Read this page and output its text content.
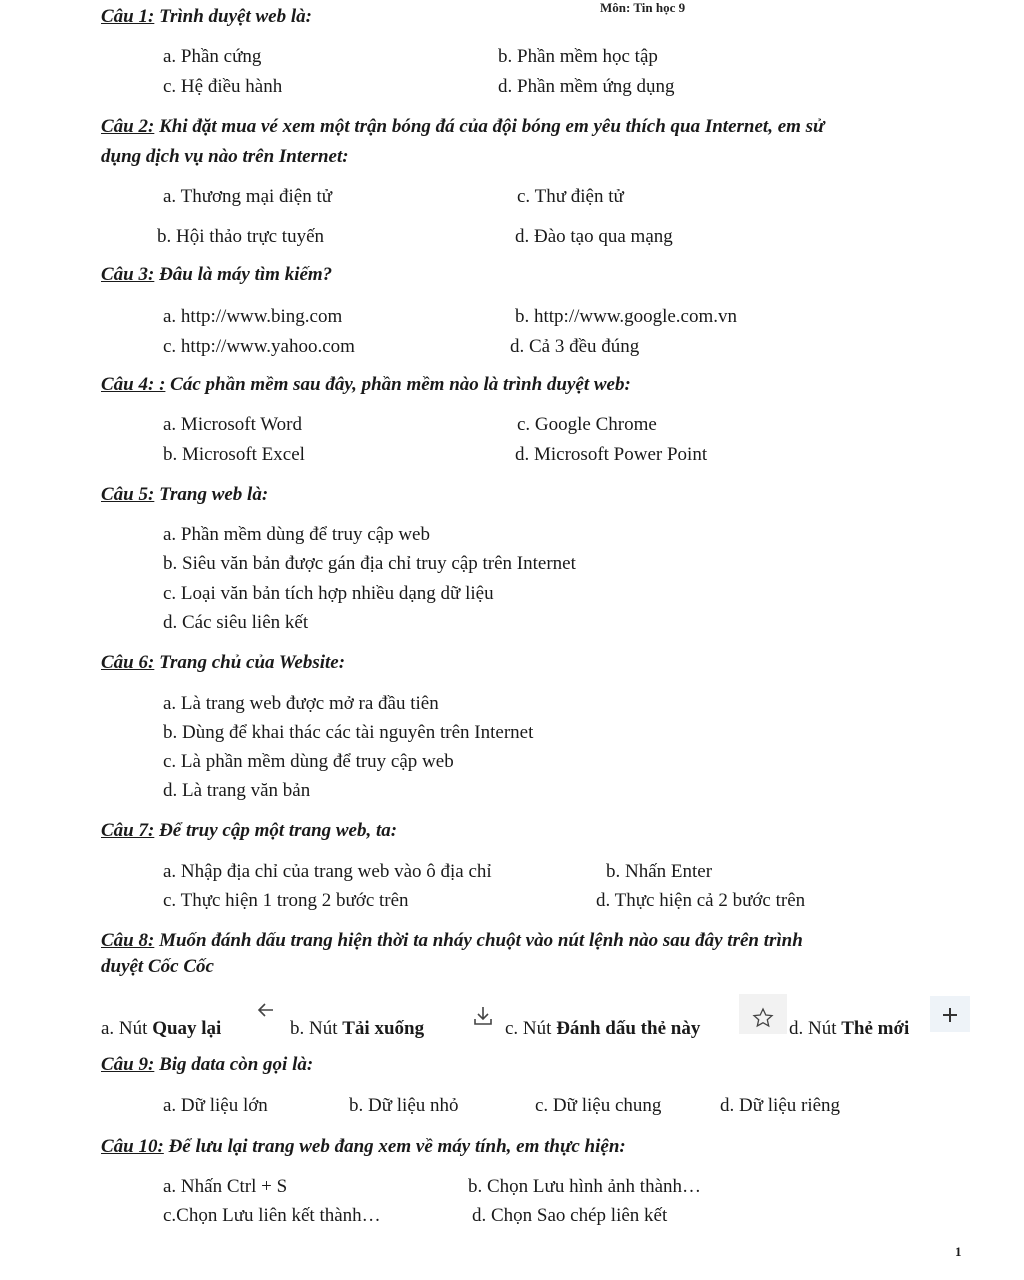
Môn: Tin học 9
Câu 1: Trình duyệt web là:
a. Phần cứng	b. Phần mềm học tập
c. Hệ điều hành	d. Phần mềm ứng dụng
Câu 2: Khi đặt mua vé xem một trận bóng đá của đội bóng em yêu thích qua Internet, em sử
dụng dịch vụ nào trên Internet:
a. Thương mại điện tử	c. Thư điện tử
b. Hội thảo trực tuyến	d. Đào tạo qua mạng
Câu 3: Đâu là máy tìm kiếm?
a. http://www.bing.com	b. http://www.google.com.vn
c. http://www.yahoo.com	d. Cả 3 đều đúng
Câu 4: : Các phần mềm sau đây, phần mềm nào là trình duyệt web:
a. Microsoft Word	c. Google Chrome
b. Microsoft Excel	d. Microsoft Power Point
Câu 5: Trang web là:
a. Phần mềm dùng để truy cập web
b. Siêu văn bản được gán địa chỉ truy cập trên Internet
c. Loại văn bản tích hợp nhiều dạng dữ liệu
d. Các siêu liên kết
Câu 6: Trang chủ của Website:
a. Là trang web được mở ra đầu tiên
b. Dùng để khai thác các tài nguyên trên Internet
c. Là phần mềm dùng để truy cập web
d. Là trang văn bản
Câu 7: Để truy cập một trang web, ta:
a. Nhập địa chỉ của trang web vào ô địa chỉ	b. Nhấn Enter
c. Thực hiện 1 trong 2 bước trên	d. Thực hiện cả 2 bước trên
Câu 8: Muốn đánh dấu trang hiện thời ta nháy chuột vào nút lệnh nào sau đây trên trình
duyệt Cốc Cốc
a. Nút Quay lại	b. Nút Tải xuống	c. Nút Đánh dấu thẻ này	d. Nút Thẻ mới
Câu 9: Big data còn gọi là:
a. Dữ liệu lớn	b. Dữ liệu nhỏ	c. Dữ liệu chung	d. Dữ liệu riêng
Câu 10: Để lưu lại trang web đang xem về máy tính, em thực hiện:
a. Nhấn Ctrl + S	b. Chọn Lưu hình ảnh thành…
c.Chọn Lưu liên kết thành…	d. Chọn Sao chép liên kết
1
